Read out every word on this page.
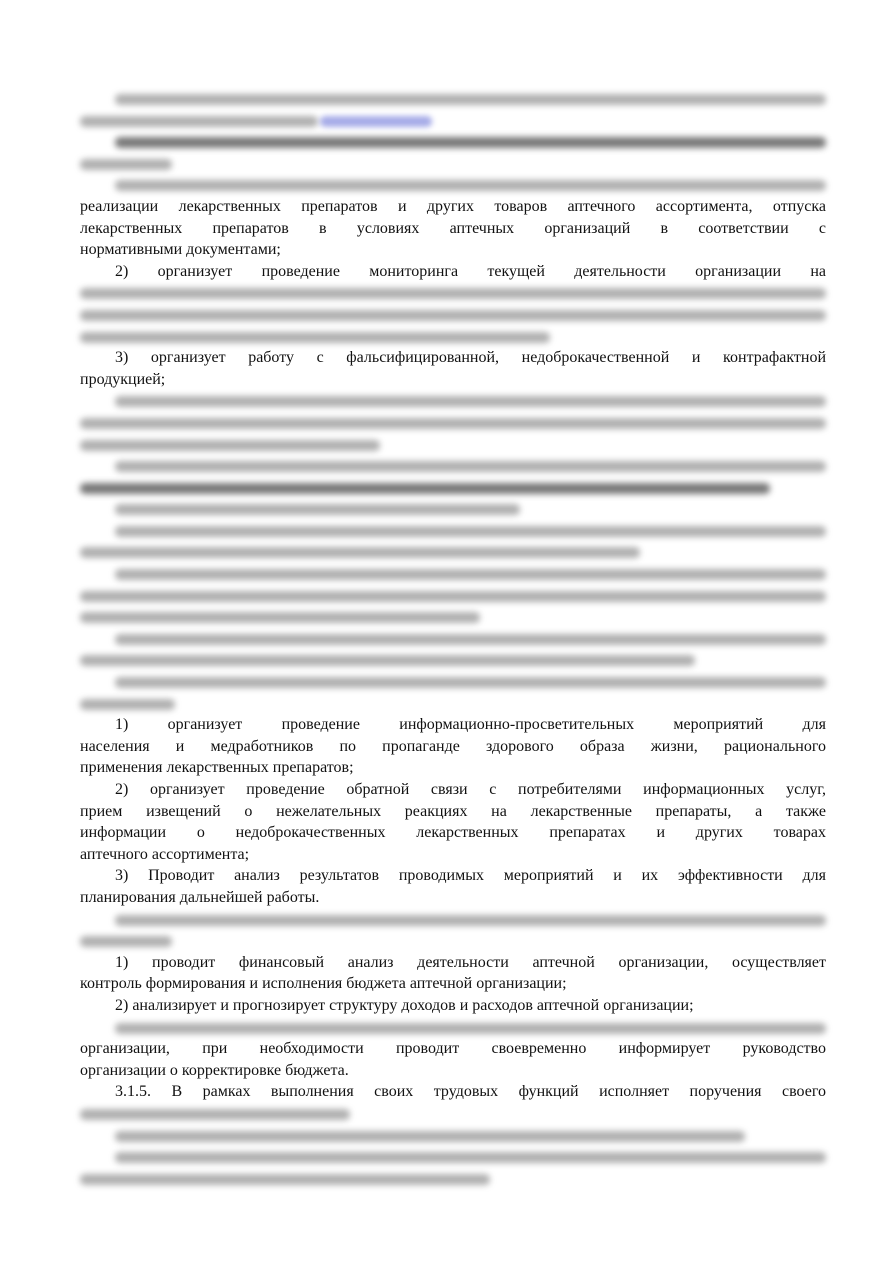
реализации лекарственных препаратов и других товаров аптечного ассортимента, отпуска
лекарственных препаратов в условиях аптечных организаций в соответствии с
нормативными документами;
2) организует проведение мониторинга текущей деятельности организации на
3) организует работу с фальсифицированной, недоброкачественной и контрафактной
продукцией;
1) организует проведение информационно-просветительных мероприятий для
населения и медработников по пропаганде здорового образа жизни, рационального
применения лекарственных препаратов;
2) организует проведение обратной связи с потребителями информационных услуг,
прием извещений о нежелательных реакциях на лекарственные препараты, а также
информации о недоброкачественных лекарственных препаратах и других товарах
аптечного ассортимента;
3) Проводит анализ результатов проводимых мероприятий и их эффективности для
планирования дальнейшей работы.
1) проводит финансовый анализ деятельности аптечной организации, осуществляет
контроль формирования и исполнения бюджета аптечной организации;
2) анализирует и прогнозирует структуру доходов и расходов аптечной организации;
организации, при необходимости проводит своевременно информирует руководство
организации о корректировке бюджета.
3.1.5. В рамках выполнения своих трудовых функций исполняет поручения своего
